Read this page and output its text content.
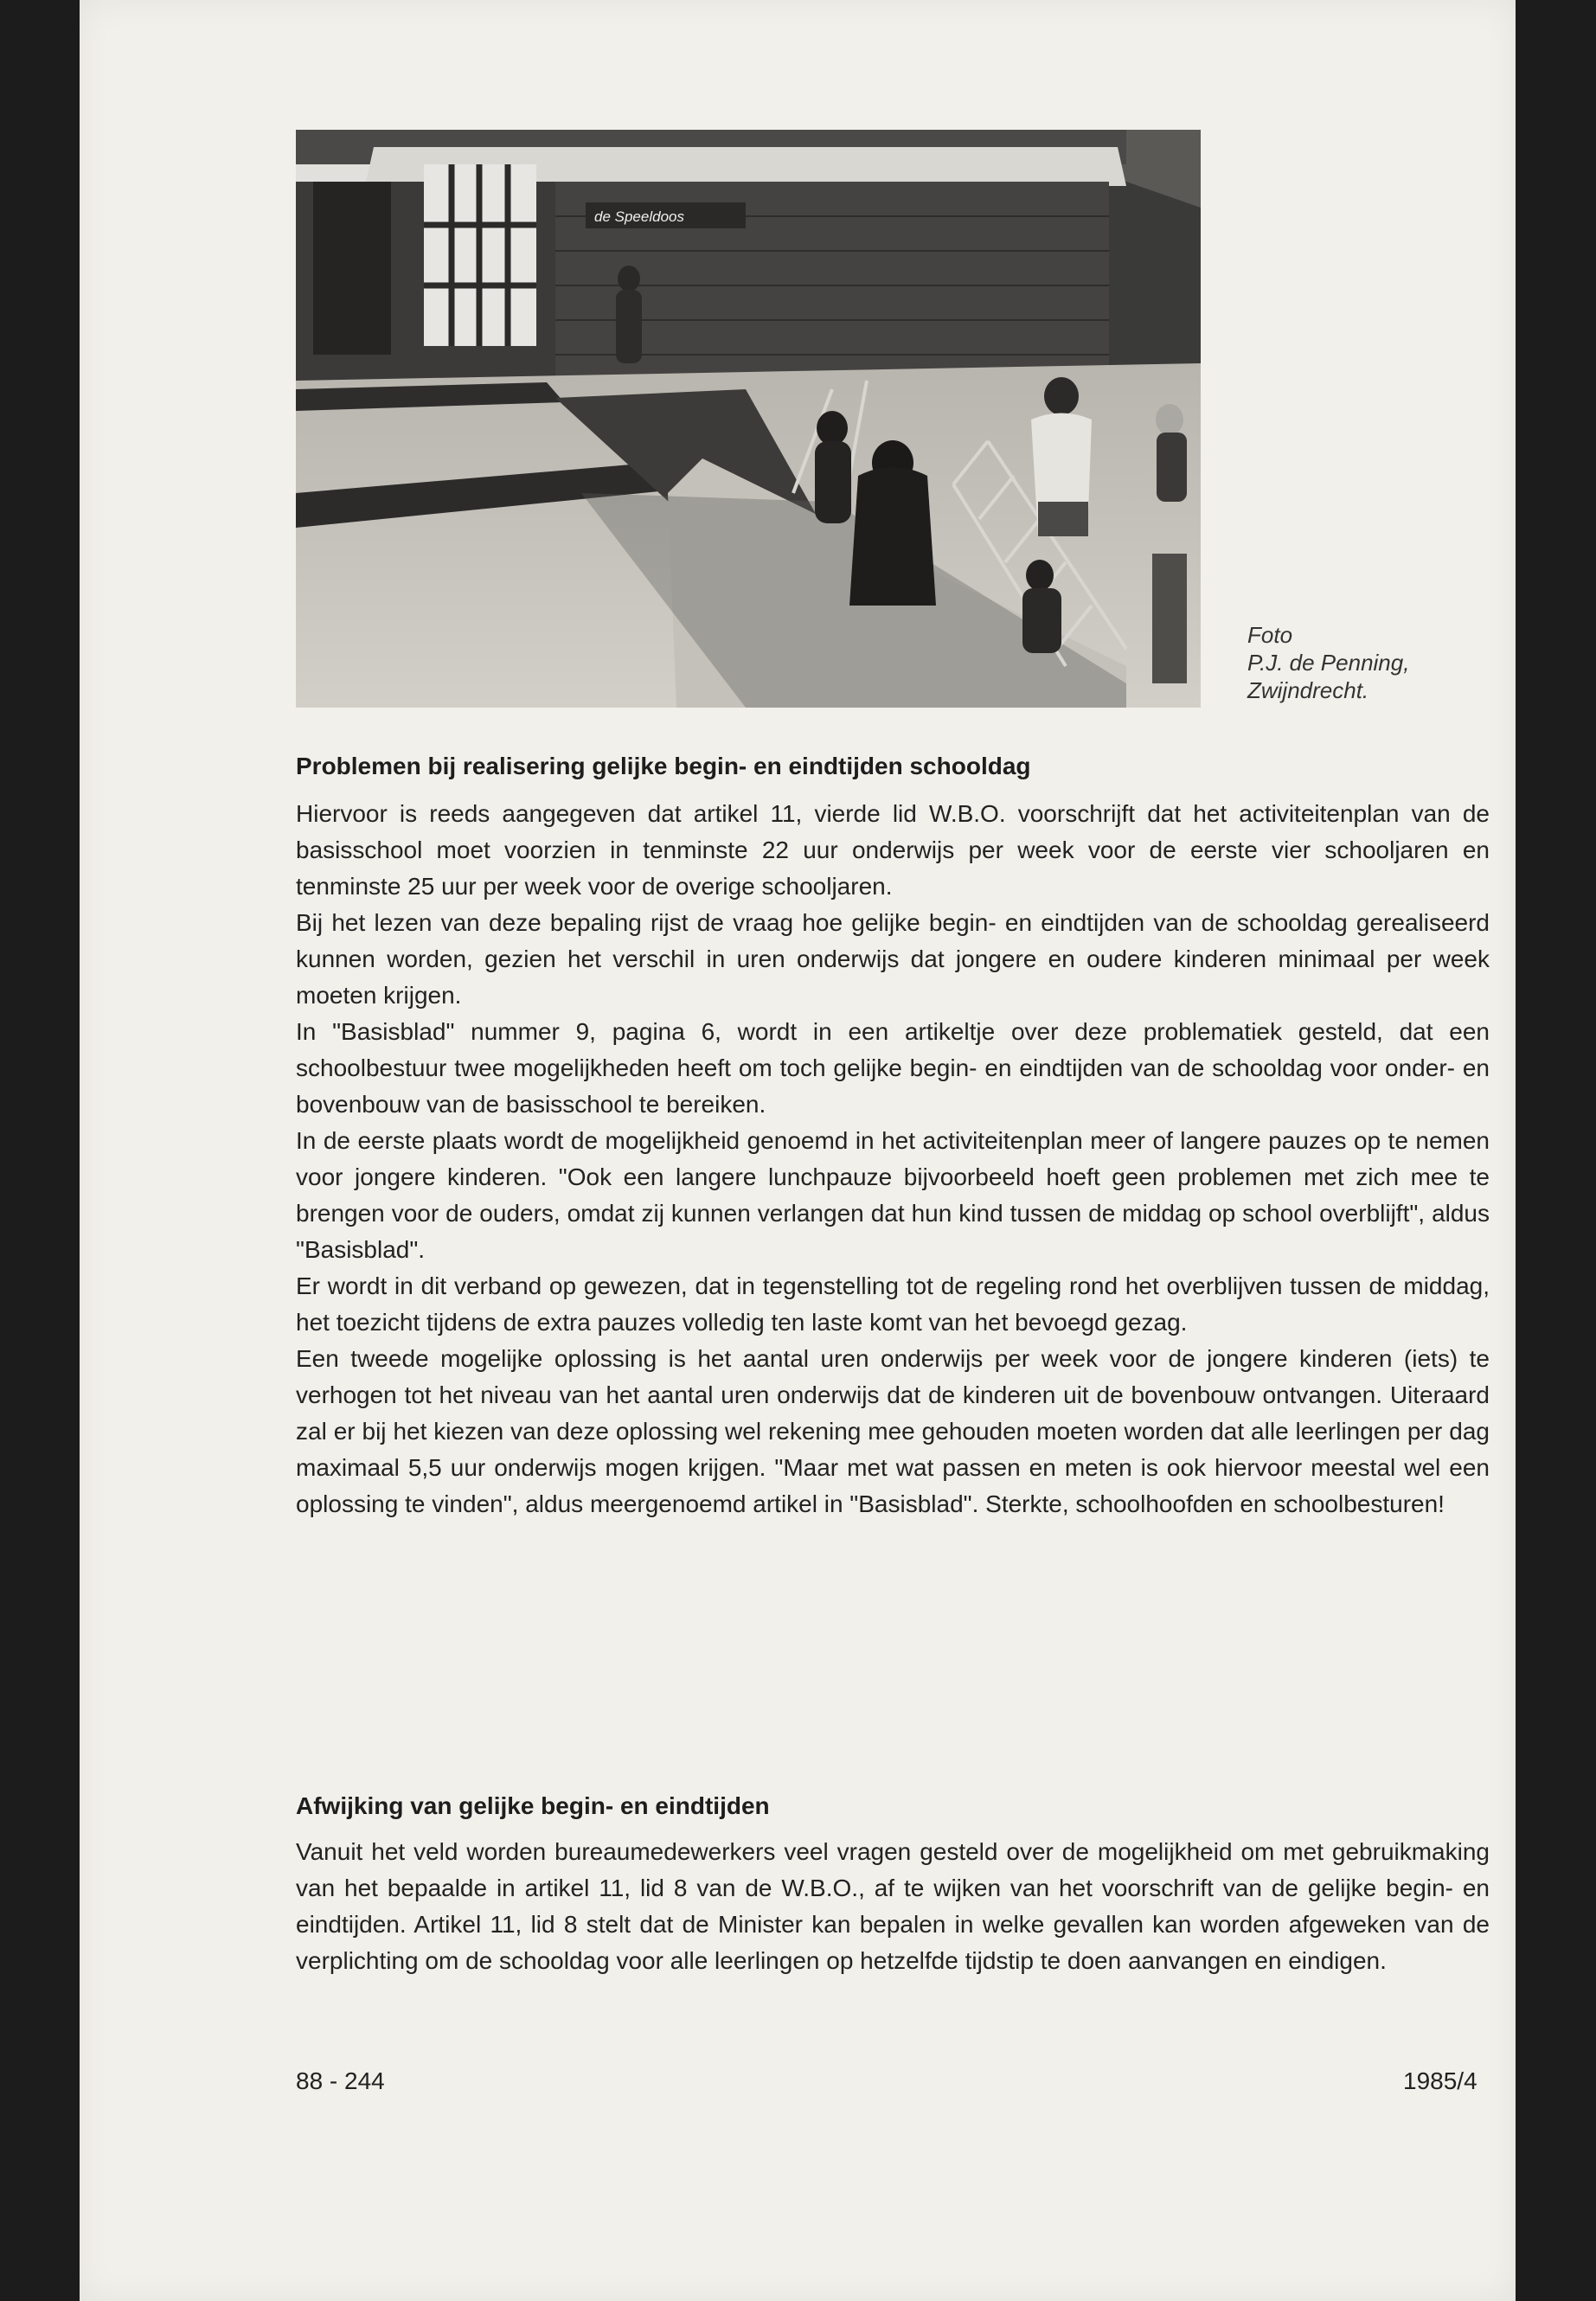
de Speeldoos
Foto
P.J. de Penning,
Zwijndrecht.
Problemen bij realisering gelijke begin- en eindtijden schooldag

Hiervoor is reeds aangegeven dat artikel 11, vierde lid W.B.O. voorschrijft dat het activiteitenplan van de basisschool moet voorzien in tenminste 22 uur onderwijs per week voor de eerste vier schooljaren en tenminste 25 uur per week voor de overige schooljaren.

Bij het lezen van deze bepaling rijst de vraag hoe gelijke begin- en eindtijden van de schooldag gerealiseerd kunnen worden, gezien het verschil in uren onderwijs dat jongere en oudere kinderen minimaal per week moeten krijgen.

In "Basisblad" nummer 9, pagina 6, wordt in een artikeltje over deze problematiek gesteld, dat een schoolbestuur twee mogelijkheden heeft om toch gelijke begin- en eindtijden van de schooldag voor onder- en bovenbouw van de basisschool te bereiken.

In de eerste plaats wordt de mogelijkheid genoemd in het activiteitenplan meer of langere pauzes op te nemen voor jongere kinderen. "Ook een langere lunchpauze bijvoorbeeld hoeft geen problemen met zich mee te brengen voor de ouders, omdat zij kunnen verlangen dat hun kind tussen de middag op school overblijft", aldus "Basisblad".

Er wordt in dit verband op gewezen, dat in tegenstelling tot de regeling rond het overblijven tussen de middag, het toezicht tijdens de extra pauzes volledig ten laste komt van het bevoegd gezag.

Een tweede mogelijke oplossing is het aantal uren onderwijs per week voor de jongere kinderen (iets) te verhogen tot het niveau van het aantal uren onderwijs dat de kinderen uit de bovenbouw ontvangen. Uiteraard zal er bij het kiezen van deze oplossing wel rekening mee gehouden moeten worden dat alle leerlingen per dag maximaal 5,5 uur onderwijs mogen krijgen. "Maar met wat passen en meten is ook hiervoor meestal wel een oplossing te vinden", aldus meergenoemd artikel in "Basisblad". Sterkte, schoolhoofden en schoolbesturen!

Afwijking van gelijke begin- en eindtijden

Vanuit het veld worden bureaumedewerkers veel vragen gesteld over de mogelijkheid om met gebruikmaking van het bepaalde in artikel 11, lid 8 van de W.B.O., af te wijken van het voorschrift van de gelijke begin- en eindtijden. Artikel 11, lid 8 stelt dat de Minister kan bepalen in welke gevallen kan worden afgeweken van de verplichting om de schooldag voor alle leerlingen op hetzelfde tijdstip te doen aanvangen en eindigen.

88 - 244	1985/4
